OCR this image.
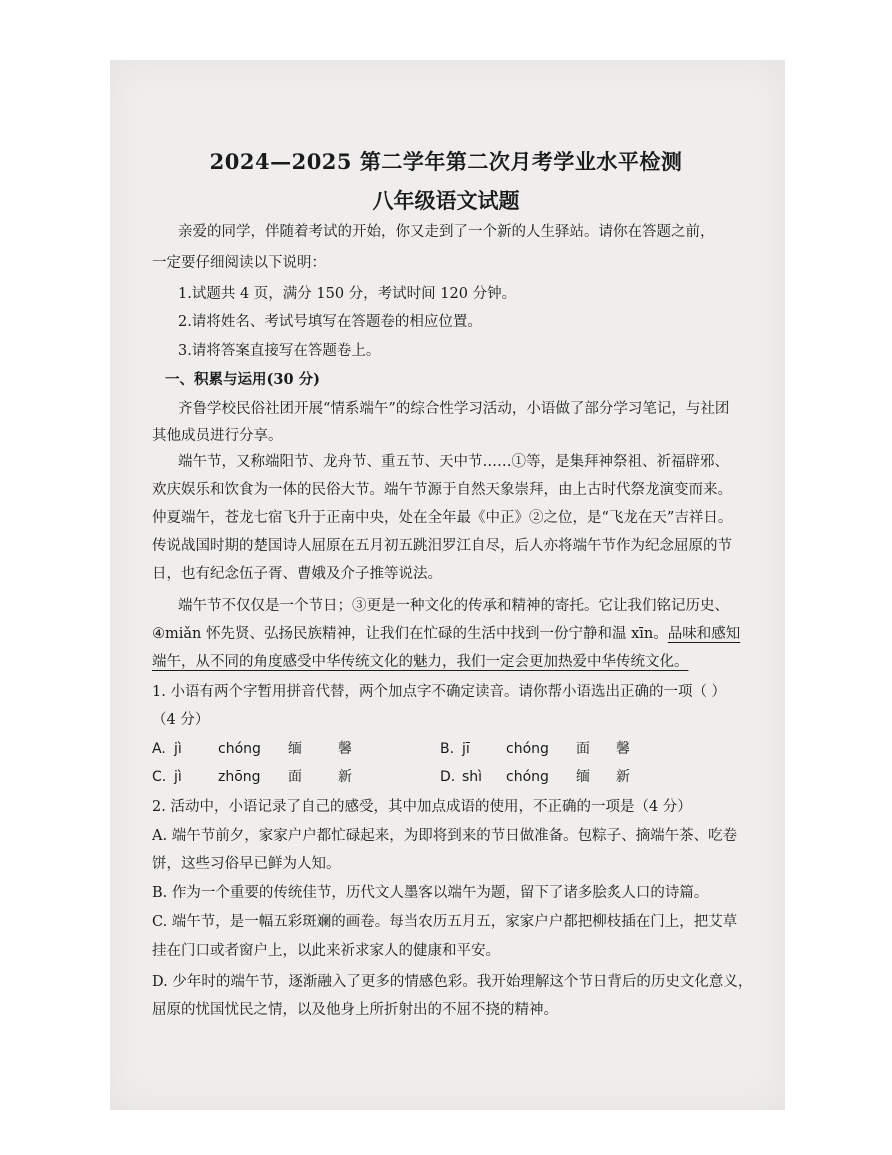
2024—2025 第二学年第二次月考学业水平检测
八年级语文试题
亲爱的同学，伴随着考试的开始，你又走到了一个新的人生驿站。请你在答题之前，
一定要仔细阅读以下说明：
1.试题共 4 页，满分 150 分，考试时间 120 分钟。
2.请将姓名、考试号填写在答题卷的相应位置。
3.请将答案直接写在答题卷上。
一、积累与运用(30 分)
齐鲁学校民俗社团开展“情系端午”的综合性学习活动，小语做了部分学习笔记，与社团
其他成员进行分享。
端午节，又称端阳节、龙舟节、重五节、天中节……①等，是集拜神祭祖、祈福辟邪、
欢庆娱乐和饮食为一体的民俗大节。端午节源于自然天象崇拜，由上古时代祭龙演变而来。
仲夏端午，苍龙七宿飞升于正南中央，处在全年最《中正》②之位，是“飞龙在天”吉祥日。
传说战国时期的楚国诗人屈原在五月初五跳汨罗江自尽，后人亦将端午节作为纪念屈原的节
日，也有纪念伍子胥、曹娥及介子推等说法。
端午节不仅仅是一个节日；③更是一种文化的传承和精神的寄托。它让我们铭记历史、
④miǎn 怀先贤、弘扬民族精神，让我们在忙碌的生活中找到一份宁静和温 xīn。品味和感知
端午，从不同的角度感受中华传统文化的魅力，我们一定会更加热爱中华传统文化。
1. 小语有两个字暂用拼音代替，两个加点字不确定读音。请你帮小语选出正确的一项（ ）
（4 分）
A. jì	chóng 缅	馨	B. jī	chóng 面 馨
C. jì	zhōng 面	新	D. shì chóng 缅 新
2. 活动中，小语记录了自己的感受，其中加点成语的使用，不正确的一项是（4 分）
A. 端午节前夕，家家户户都忙碌起来，为即将到来的节日做准备。包粽子、摘端午茶、吃卷
饼，这些习俗早已鲜为人知。
B. 作为一个重要的传统佳节，历代文人墨客以端午为题，留下了诸多脍炙人口的诗篇。
C. 端午节，是一幅五彩斑斓的画卷。每当农历五月五，家家户户都把柳枝插在门上，把艾草
挂在门口或者窗户上，以此来祈求家人的健康和平安。
D. 少年时的端午节，逐渐融入了更多的情感色彩。我开始理解这个节日背后的历史文化意义，
屈原的忧国忧民之情，以及他身上所折射出的不屈不挠的精神。
